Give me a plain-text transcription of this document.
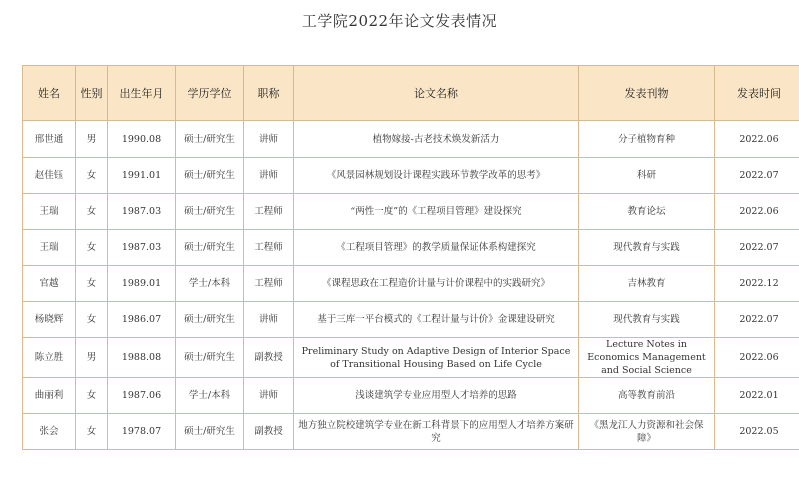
工学院2022年论文发表情况
姓名	性别	出生年月	学历学位	职称	论文名称	发表刊物	发表时间
邢世通	男	1990.08	硕士/研究生	讲师	植物嫁接-古老技术焕发新活力	分子植物育种	2022.06
赵佳钰	女	1991.01	硕士/研究生	讲师	《风景园林规划设计课程实践环节教学改革的思考》	科研	2022.07
王瑞	女	1987.03	硕士/研究生	工程师	“两性一度”的《工程项目管理》建设探究	教育论坛	2022.06
王瑞	女	1987.03	硕士/研究生	工程师	《工程项目管理》的教学质量保证体系构建探究	现代教育与实践	2022.07
官越	女	1989.01	学士/本科	工程师	《课程思政在工程造价计量与计价课程中的实践研究》	吉林教育	2022.12
杨晓辉	女	1986.07	硕士/研究生	讲师	基于三库一平台模式的《工程计量与计价》金课建设研究	现代教育与实践	2022.07
陈立胜	男	1988.08	硕士/研究生	副教授	Preliminary Study on Adaptive Design of Interior Space of Transitional Housing Based on Life Cycle	Lecture Notes in Economics Management and Social Science	2022.06
曲丽利	女	1987.06	学士/本科	讲师	浅谈建筑学专业应用型人才培养的思路	高等教育前沿	2022.01
张会	女	1978.07	硕士/研究生	副教授	地方独立院校建筑学专业在新工科背景下的应用型人才培养方案研究	《黑龙江人力资源和社会保障》	2022.05
